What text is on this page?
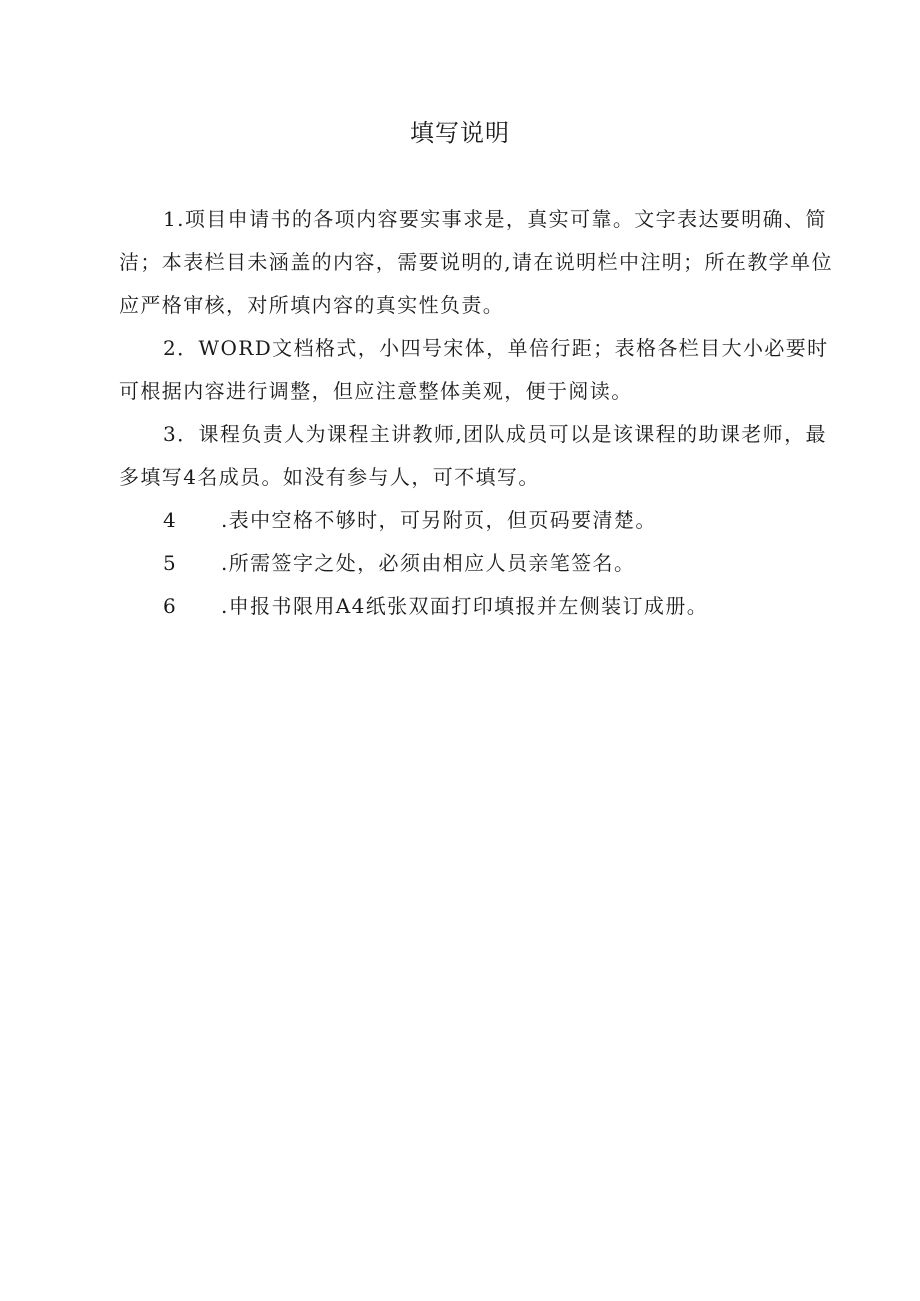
填写说明

1.项目申请书的各项内容要实事求是，真实可靠。文字表达要明确、简洁；本表栏目未涵盖的内容，需要说明的,请在说明栏中注明；所在教学单位应严格审核，对所填内容的真实性负责。

2．WORD文档格式，小四号宋体，单倍行距；表格各栏目大小必要时可根据内容进行调整，但应注意整体美观，便于阅读。

3．课程负责人为课程主讲教师,团队成员可以是该课程的助课老师，最多填写4名成员。如没有参与人，可不填写。

4 .表中空格不够时，可另附页，但页码要清楚。
5 .所需签字之处，必须由相应人员亲笔签名。
6 .申报书限用A4纸张双面打印填报并左侧装订成册。
